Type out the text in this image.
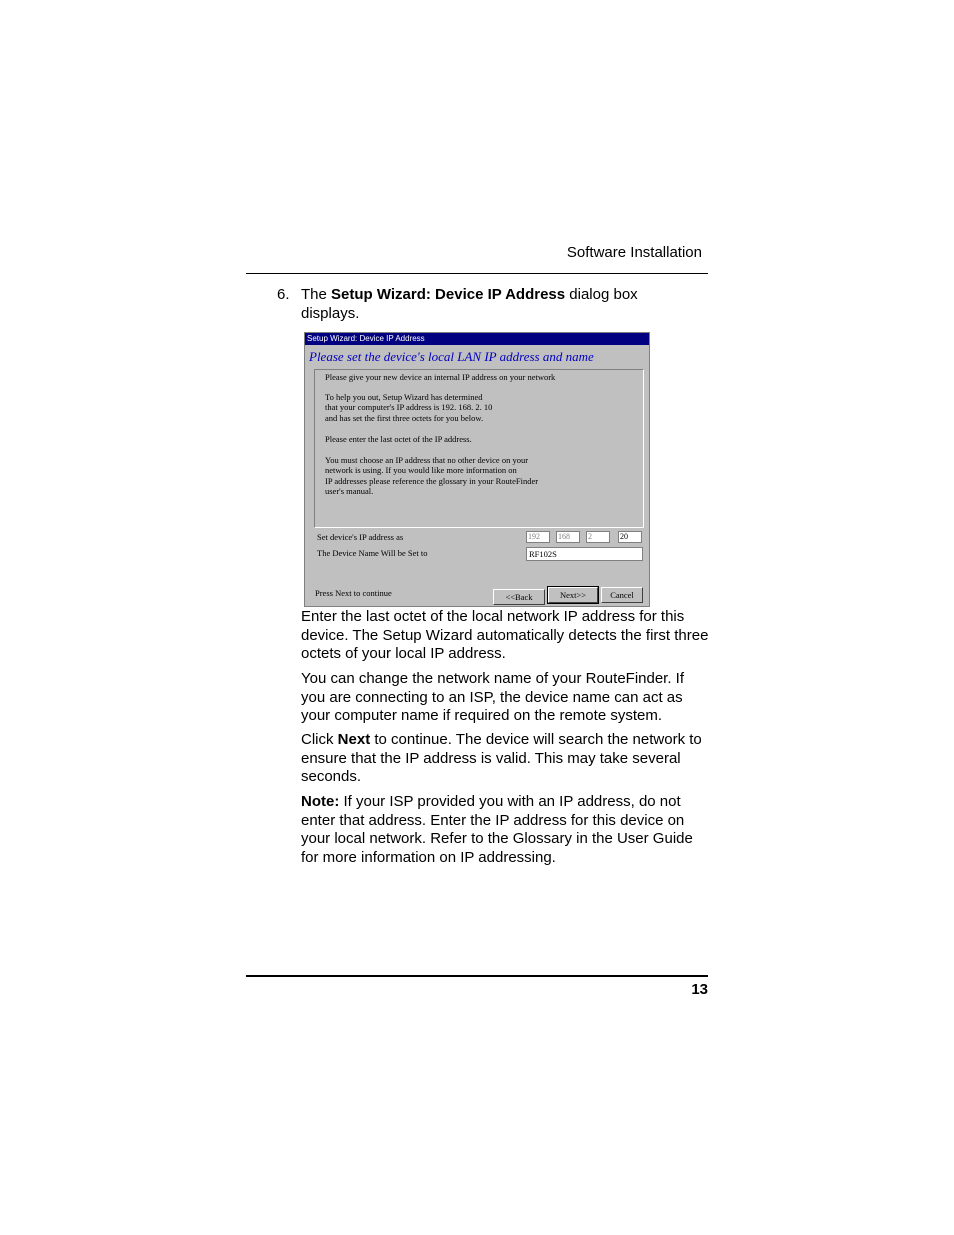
Software Installation
6. The Setup Wizard: Device IP Address dialog box displays.
Setup Wizard: Device IP Address
Please set the device's local LAN IP address and name

Please give your new device an internal IP address on your network

To help you out, Setup Wizard has determined
that your computer's IP address is 192. 168. 2. 10
and has set the first three octets for you below.

Please enter the last octet of the IP address.

You must choose an IP address that no other device on your
network is using. If you would like more information on
IP addresses please reference the glossary in your RouteFinder
user's manual.

Set device's IP address as	192	168	2	20
The Device Name Will be Set to	RF102S
Press Next to continue	<<Back	Next>>	Cancel

Enter the last octet of the local network IP address for this device. The Setup Wizard automatically detects the first three octets of your local IP address.

You can change the network name of your RouteFinder. If you are connecting to an ISP, the device name can act as your computer name if required on the remote system.

Click Next to continue. The device will search the network to ensure that the IP address is valid. This may take several seconds.

Note: If your ISP provided you with an IP address, do not enter that address. Enter the IP address for this device on your local network. Refer to the Glossary in the User Guide for more information on IP addressing.

13
